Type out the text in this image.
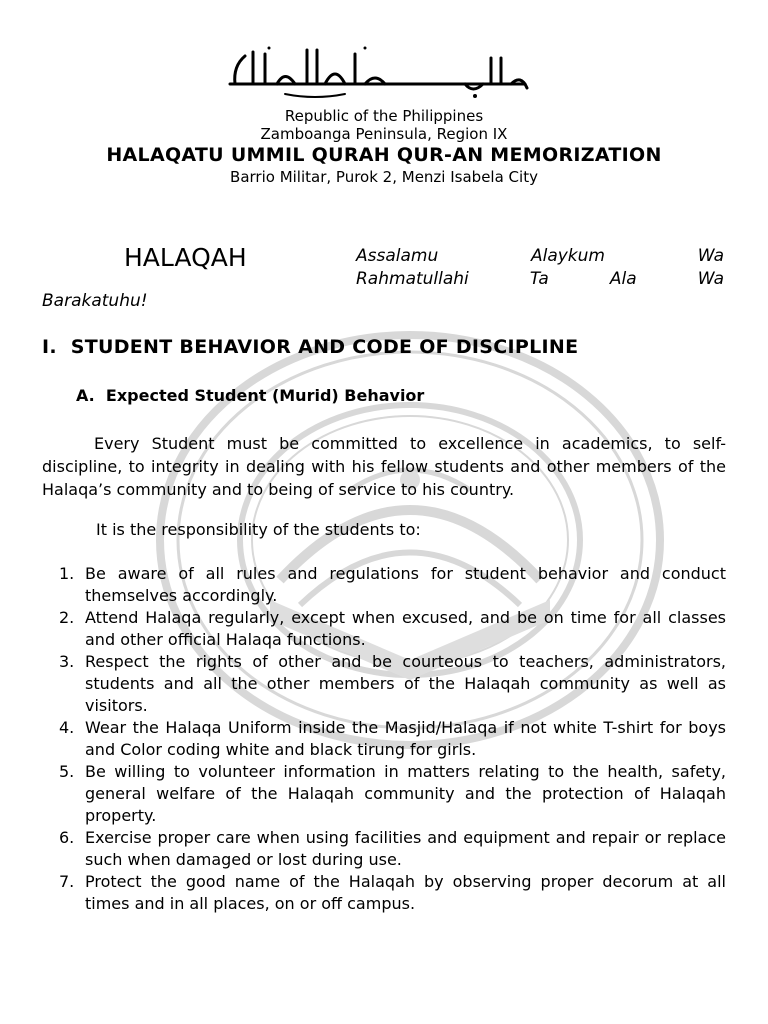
Republic of the Philippines
Zamboanga Peninsula, Region IX
HALAQATU UMMIL QURAH QUR-AN MEMORIZATION
Barrio Militar, Purok 2, Menzi Isabela City
HALAQAH	Assalamu	Alaykum	Wa
Rahmatullahi	Ta	Ala	Wa
Barakatuhu!
I.  STUDENT BEHAVIOR AND CODE OF DISCIPLINE
A.  Expected Student (Murid) Behavior
Every Student must be committed to excellence in academics, to self-discipline, to integrity in dealing with his fellow students and other members of the Halaqa’s community and to being of service to his country.
It is the responsibility of the students to:
1. Be aware of all rules and regulations for student behavior and conduct themselves accordingly.
2. Attend Halaqa regularly, except when excused, and be on time for all classes and other official Halaqa functions.
3. Respect the rights of other and be courteous to teachers, administrators, students and all the other members of the Halaqah community as well as visitors.
4. Wear the Halaqa Uniform inside the Masjid/Halaqa if not white T-shirt for boys and Color coding white and black tirung for girls.
5. Be willing to volunteer information in matters relating to the health, safety, general welfare of the Halaqah community and the protection of Halaqah property.
6. Exercise proper care when using facilities and equipment and repair or replace such when damaged or lost during use.
7. Protect the good name of the Halaqah by observing proper decorum at all times and in all places, on or off campus.
